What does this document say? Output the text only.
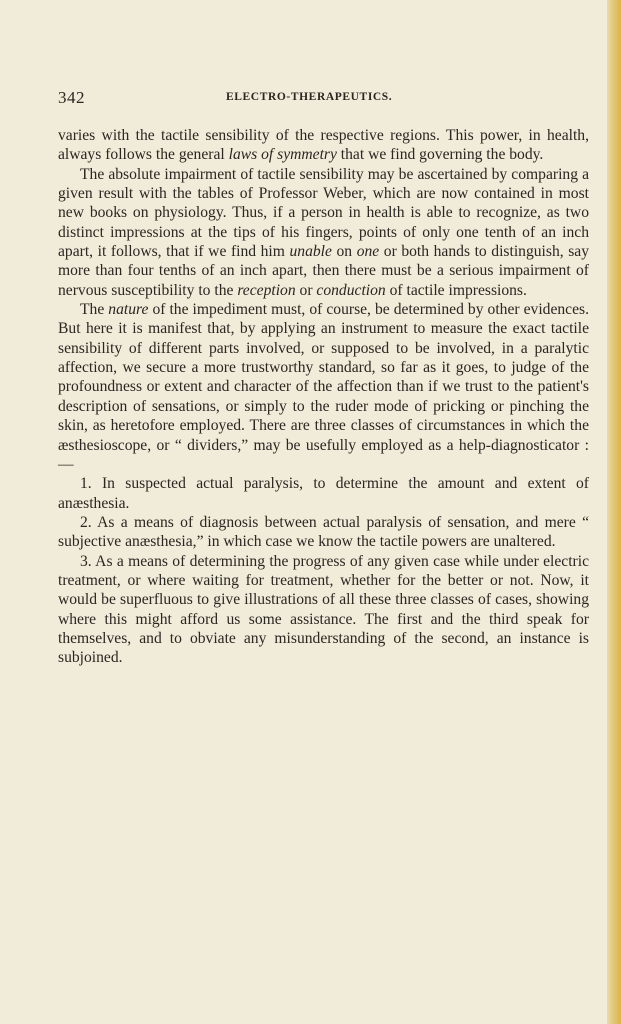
342	ELECTRO-THERAPEUTICS.

varies with the tactile sensibility of the respective regions. This power, in health, always follows the general laws of symmetry that we find governing the body.

The absolute impairment of tactile sensibility may be ascertained by comparing a given result with the tables of Professor Weber, which are now contained in most new books on physiology. Thus, if a person in health is able to recognize, as two distinct impressions at the tips of his fingers, points of only one tenth of an inch apart, it follows, that if we find him unable on one or both hands to distinguish, say more than four tenths of an inch apart, then there must be a serious impairment of nervous susceptibility to the reception or conduction of tactile impressions.

The nature of the impediment must, of course, be determined by other evidences. But here it is manifest that, by applying an instrument to measure the exact tactile sensibility of different parts involved, or supposed to be involved, in a paralytic affection, we secure a more trustworthy standard, so far as it goes, to judge of the profoundness or extent and character of the affection than if we trust to the patient's description of sensations, or simply to the ruder mode of pricking or pinching the skin, as heretofore employed. There are three classes of circumstances in which the æsthesioscope, or “ dividers,” may be usefully employed as a help-diagnosticator : —

1. In suspected actual paralysis, to determine the amount and extent of anæsthesia.

2. As a means of diagnosis between actual paralysis of sensation, and mere “ subjective anæsthesia,” in which case we know the tactile powers are unaltered.

3. As a means of determining the progress of any given case while under electric treatment, or where waiting for treatment, whether for the better or not. Now, it would be superfluous to give illustrations of all these three classes of cases, showing where this might afford us some assistance. The first and the third speak for themselves, and to obviate any misunderstanding of the second, an instance is subjoined.
